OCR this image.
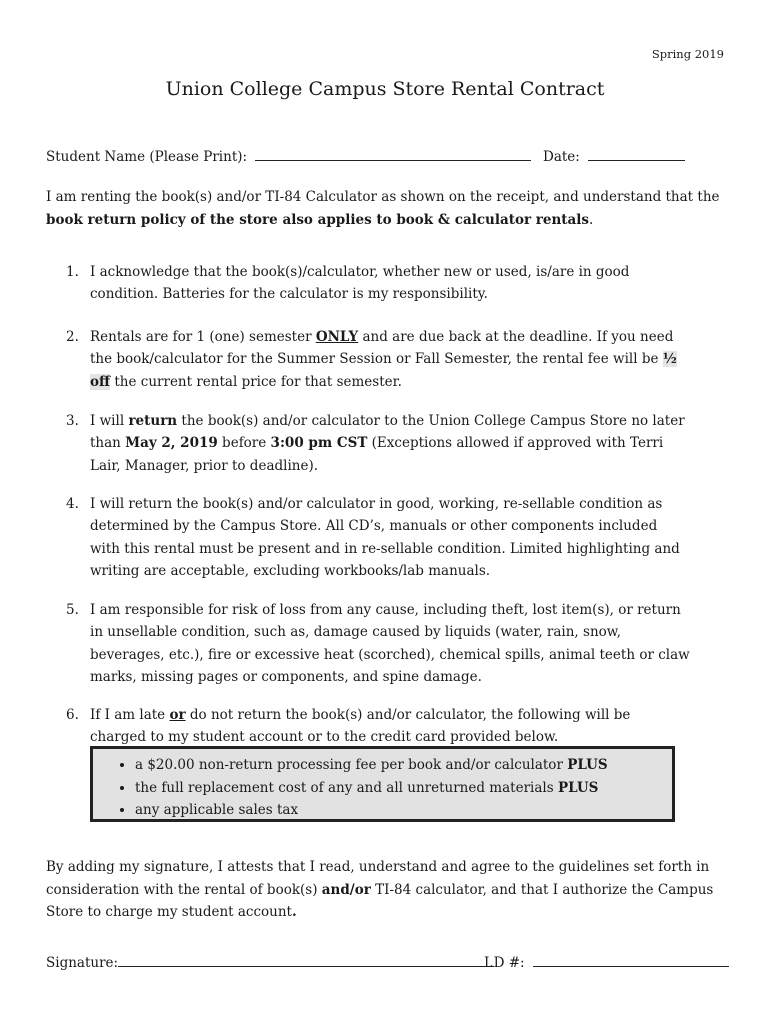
Spring 2019
Union College Campus Store Rental Contract
Student Name (Please Print):	Date:
I am renting the book(s) and/or TI-84 Calculator as shown on the receipt, and understand that the book return policy of the store also applies to book & calculator rentals.
1. I acknowledge that the book(s)/calculator, whether new or used, is/are in good condition. Batteries for the calculator is my responsibility.
2. Rentals are for 1 (one) semester ONLY and are due back at the deadline. If you need the book/calculator for the Summer Session or Fall Semester, the rental fee will be ½ off the current rental price for that semester.
3. I will return the book(s) and/or calculator to the Union College Campus Store no later than May 2, 2019 before 3:00 pm CST (Exceptions allowed if approved with Terri Lair, Manager, prior to deadline).
4. I will return the book(s) and/or calculator in good, working, re-sellable condition as determined by the Campus Store. All CD’s, manuals or other components included with this rental must be present and in re-sellable condition. Limited highlighting and writing are acceptable, excluding workbooks/lab manuals.
5. I am responsible for risk of loss from any cause, including theft, lost item(s), or return in unsellable condition, such as, damage caused by liquids (water, rain, snow, beverages, etc.), fire or excessive heat (scorched), chemical spills, animal teeth or claw marks, missing pages or components, and spine damage.
6. If I am late or do not return the book(s) and/or calculator, the following will be charged to my student account or to the credit card provided below.
• a $20.00 non-return processing fee per book and/or calculator PLUS
• the full replacement cost of any and all unreturned materials PLUS
• any applicable sales tax
By adding my signature, I attests that I read, understand and agree to the guidelines set forth in consideration with the rental of book(s) and/or TI-84 calculator, and that I authorize the Campus Store to charge my student account.
Signature:	I.D #:
